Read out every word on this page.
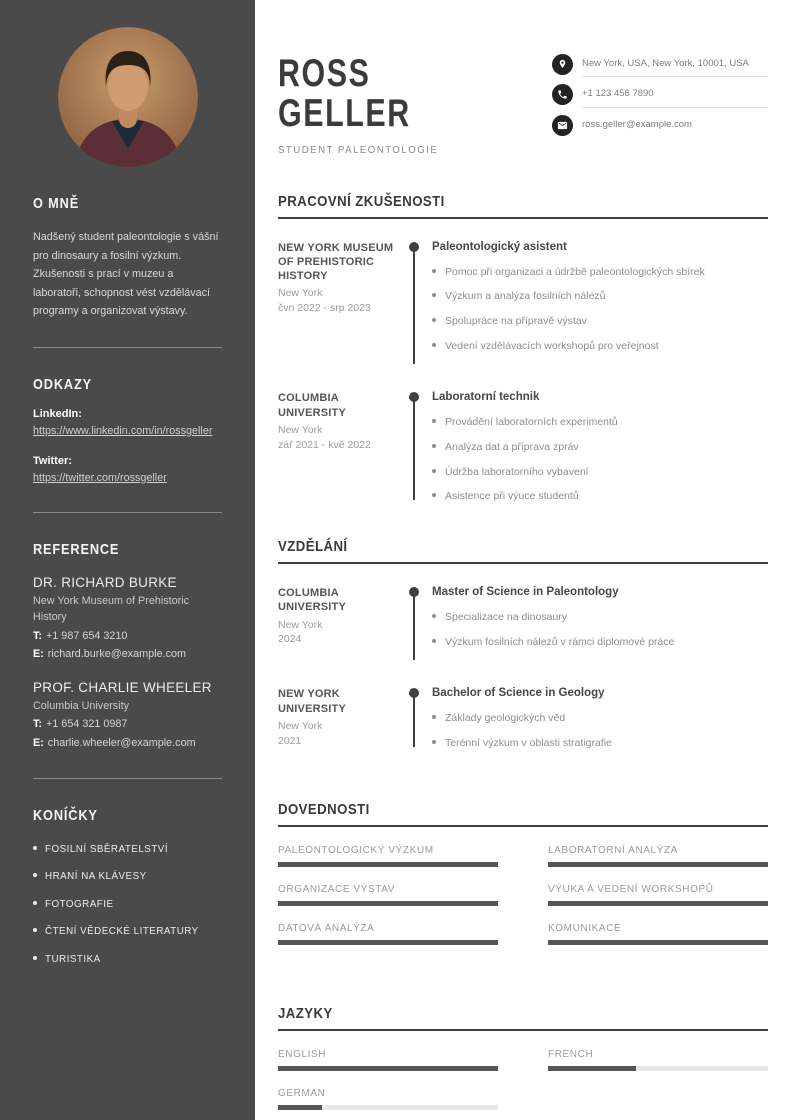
O MNĚ

Nadšený student paleontologie s vášní pro dinosaury a fosilní výzkum. Zkušenosti s prací v muzeu a laboratoři, schopnost vést vzdělávací programy a organizovat výstavy.

ODKAZY
LinkedIn:
https://www.linkedin.com/in/rossgeller
Twitter:
https://twitter.com/rossgeller
REFERENCE
DR. RICHARD BURKE
New York Museum of Prehistoric History
T: +1 987 654 3210
E: richard.burke@example.com
PROF. CHARLIE WHEELER
Columbia University
T: +1 654 321 0987
E: charlie.wheeler@example.com
KONÍČKY
FOSILNÍ SBĚRATELSTVÍ
HRANÍ NA KLÁVESY
FOTOGRAFIE
ČTENÍ VĚDECKÉ LITERATURY
TURISTIKA
ROSS
GELLER
STUDENT PALEONTOLOGIE
New York, USA, New York, 10001, USA
+1 123 456 7890
ross.geller@example.com
PRACOVNÍ ZKUŠENOSTI
NEW YORK MUSEUM OF PREHISTORIC HISTORY
New York
čvn 2022 - srp 2023
Paleontologický asistent
Pomoc při organizaci a údržbě paleontologických sbírek
Výzkum a analýza fosilních nálezů
Spolupráce na přípravě výstav
Vedení vzdělávacích workshopů pro veřejnost
COLUMBIA UNIVERSITY
New York
zář 2021 - kvě 2022
Laboratorní technik
Provádění laboratorních experimentů
Analýza dat a příprava zpráv
Údržba laboratorního vybavení
Asistence při výuce studentů
VZDĚLÁNÍ
COLUMBIA UNIVERSITY
New York
2024
Master of Science in Paleontology
Specializace na dinosaury
Výzkum fosilních nálezů v rámci diplomové práce
NEW YORK UNIVERSITY
New York
2021
Bachelor of Science in Geology
Základy geologických věd
Terénní výzkum v oblasti stratigrafie
DOVEDNOSTI
PALEONTOLOGICKÝ VÝZKUM	LABORATORNÍ ANALÝZA
ORGANIZACE VÝSTAV	VÝUKA A VEDENÍ WORKSHOPŮ
DATOVÁ ANALÝZA	KOMUNIKACE
JAZYKY
ENGLISH	FRENCH
GERMAN
